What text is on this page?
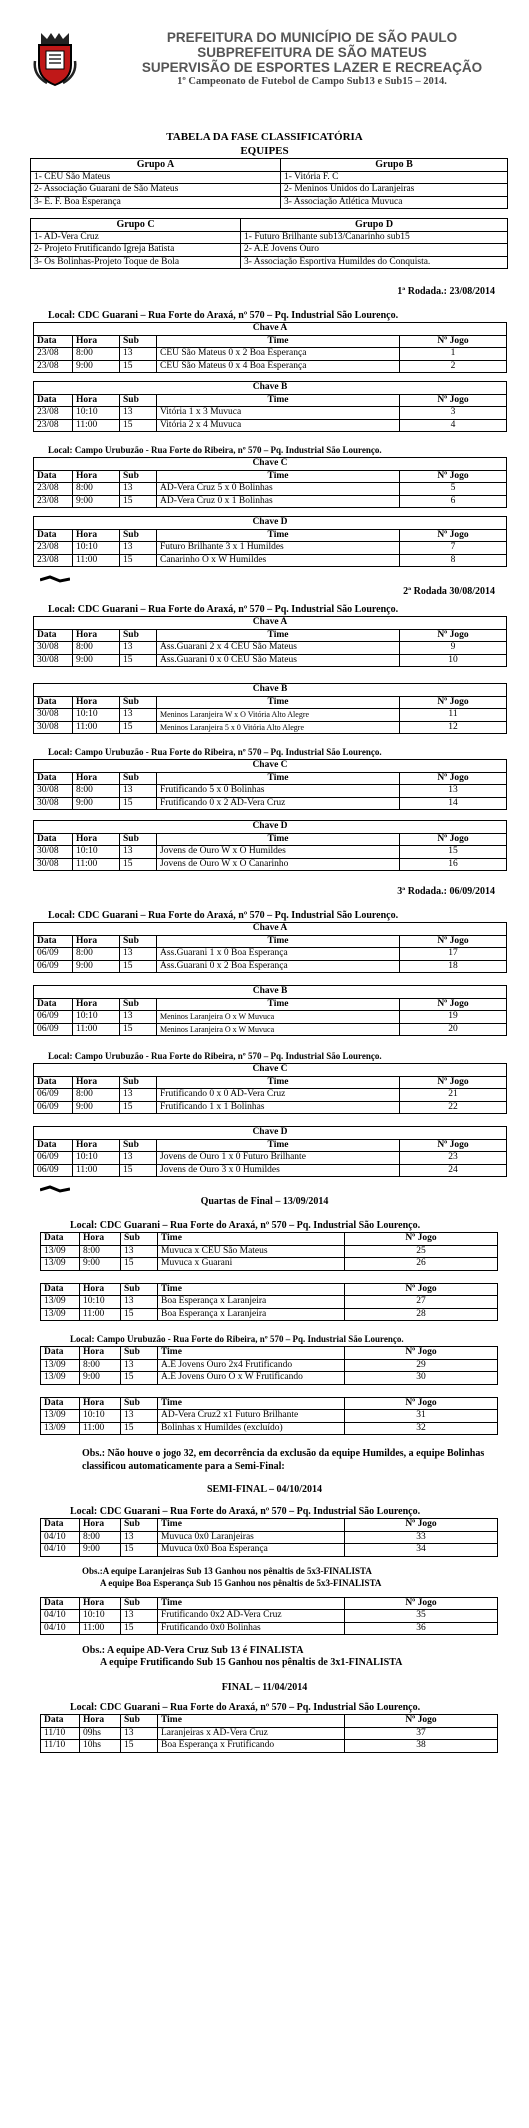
PREFEITURA DO MUNICÍPIO DE SÃO PAULO
SUBPREFEITURA DE SÃO MATEUS
SUPERVISÃO DE ESPORTES LAZER E RECREAÇÃO
1º Campeonato de Futebol de Campo Sub13 e Sub15 – 2014.
TABELA DA FASE CLASSIFICATÓRIA
EQUIPES
Grupo A	Grupo B
1- CEU São Mateus	1- Vitória F. C
2- Associação Guarani de São Mateus	2- Meninos Unidos do Laranjeiras
3- E. F. Boa Esperança	3- Associação Atlética Muvuca
Grupo C	Grupo D
1- AD-Vera Cruz	1- Futuro Brilhante sub13/Canarinho sub15
2- Projeto Frutificando Igreja Batista	2- A.E Jovens Ouro
3- Os Bolinhas-Projeto Toque de Bola	3- Associação Esportiva Humildes do Conquista.
1ª Rodada.: 23/08/2014
Local: CDC Guarani – Rua Forte do Araxá, nº 570 – Pq. Industrial São Lourenço.
Chave A				
Data	Hora	Sub	Time	Nº Jogo
23/08	8:00	13	CEU São Mateus 0 x 2 Boa Esperança	1
23/08	9:00	15	CEU São Mateus 0 x 4 Boa Esperança	2
Chave B				
Data	Hora	Sub	Time	Nº Jogo
23/08	10:10	13	Vitória 1 x 3 Muvuca	3
23/08	11:00	15	Vitória 2 x 4 Muvuca	4
Local: Campo Urubuzão - Rua Forte do Ribeira, nº 570 – Pq. Industrial São Lourenço.
Chave C				
Data	Hora	Sub	Time	Nº Jogo
23/08	8:00	13	AD-Vera Cruz 5 x 0 Bolinhas	5
23/08	9:00	15	AD-Vera Cruz 0 x 1 Bolinhas	6
Chave D				
Data	Hora	Sub	Time	Nº Jogo
23/08	10:10	13	Futuro Brilhante 3 x 1 Humildes	7
23/08	11:00	15	Canarinho O x W Humildes	8
2ª Rodada 30/08/2014
Local: CDC Guarani – Rua Forte do Araxá, nº 570 – Pq. Industrial São Lourenço.
Chave A				
Data	Hora	Sub	Time	Nº Jogo
30/08	8:00	13	Ass.Guarani 2 x 4 CEU São Mateus	9
30/08	9:00	15	Ass.Guarani 0 x 0 CEU São Mateus	10
Chave B				
Data	Hora	Sub	Time	Nº Jogo
30/08	10:10	13	Meninos Laranjeira W x O Vitória Alto Alegre	11
30/08	11:00	15	Meninos Laranjeira 5 x 0 Vitória Alto Alegre	12
Local: Campo Urubuzão - Rua Forte do Ribeira, nº 570 – Pq. Industrial São Lourenço.
Chave C				
Data	Hora	Sub	Time	Nº Jogo
30/08	8:00	13	Frutificando 5 x 0 Bolinhas	13
30/08	9:00	15	Frutificando 0 x 2 AD-Vera Cruz	14
Chave D				
Data	Hora	Sub	Time	Nº Jogo
30/08	10:10	13	Jovens de Ouro W x O Humildes	15
30/08	11:00	15	Jovens de Ouro W x O Canarinho	16
3ª Rodada.: 06/09/2014
Local: CDC Guarani – Rua Forte do Araxá, nº 570 – Pq. Industrial São Lourenço.
Chave A				
Data	Hora	Sub	Time	Nº Jogo
06/09	8:00	13	Ass.Guarani 1 x 0 Boa Esperança	17
06/09	9:00	15	Ass.Guarani 0 x 2 Boa Esperança	18
Chave B				
Data	Hora	Sub	Time	Nº Jogo
06/09	10:10	13	Meninos Laranjeira O x W Muvuca	19
06/09	11:00	15	Meninos Laranjeira O x W Muvuca	20
Local: Campo Urubuzão - Rua Forte do Ribeira, nº 570 – Pq. Industrial São Lourenço.
Chave C				
Data	Hora	Sub	Time	Nº Jogo
06/09	8:00	13	Frutificando 0 x 0 AD-Vera Cruz	21
06/09	9:00	15	Frutificando 1 x 1 Bolinhas	22
Chave D				
Data	Hora	Sub	Time	Nº Jogo
06/09	10:10	13	Jovens de Ouro 1 x 0 Futuro Brilhante	23
06/09	11:00	15	Jovens de Ouro 3 x 0 Humildes	24
Quartas de Final – 13/09/2014
Local: CDC Guarani – Rua Forte do Araxá, nº 570 – Pq. Industrial São Lourenço.
Data	Hora	Sub	Time	Nº Jogo
13/09	8:00	13	Muvuca x CEU São Mateus	25
13/09	9:00	15	Muvuca x Guarani	26
Data	Hora	Sub	Time	Nº Jogo
13/09	10:10	13	Boa Esperança x Laranjeira	27
13/09	11:00	15	Boa Esperança x Laranjeira	28
Local: Campo Urubuzão - Rua Forte do Ribeira, nº 570 – Pq. Industrial São Lourenço.
Data	Hora	Sub	Time	Nº Jogo
13/09	8:00	13	A.E Jovens Ouro 2x4 Frutificando	29
13/09	9:00	15	A.E Jovens Ouro O x W Frutificando	30
Data	Hora	Sub	Time	Nº Jogo
13/09	10:10	13	AD-Vera Cruz2 x1 Futuro Brilhante	31
13/09	11:00	15	Bolinhas x Humildes (excluído)	32
Obs.: Não houve o jogo 32, em decorrência da exclusão da equipe Humildes, a equipe Bolinhas classificou automaticamente para a Semi-Final:
SEMI-FINAL – 04/10/2014
Local: CDC Guarani – Rua Forte do Araxá, nº 570 – Pq. Industrial São Lourenço.
Data	Hora	Sub	Time	Nº Jogo
04/10	8:00	13	Muvuca 0x0 Laranjeiras	33
04/10	9:00	15	Muvuca 0x0 Boa Esperança	34
Obs.:A equipe Laranjeiras Sub 13 Ganhou nos pênaltis de 5x3-FINALISTA
A equipe Boa Esperança Sub 15 Ganhou nos pênaltis de 5x3-FINALISTA
Data	Hora	Sub	Time	Nº Jogo
04/10	10:10	13	Frutificando 0x2 AD-Vera Cruz	35
04/10	11:00	15	Frutificando 0x0 Bolinhas	36
Obs.: A equipe AD-Vera Cruz Sub 13 é FINALISTA
A equipe Frutificando Sub 15 Ganhou nos pênaltis de 3x1-FINALISTA
FINAL – 11/04/2014
Local: CDC Guarani – Rua Forte do Araxá, nº 570 – Pq. Industrial São Lourenço.
Data	Hora	Sub	Time	Nº Jogo
11/10	09hs	13	Laranjeiras x AD-Vera Cruz	37
11/10	10hs	15	Boa Esperança x Frutificando	38
